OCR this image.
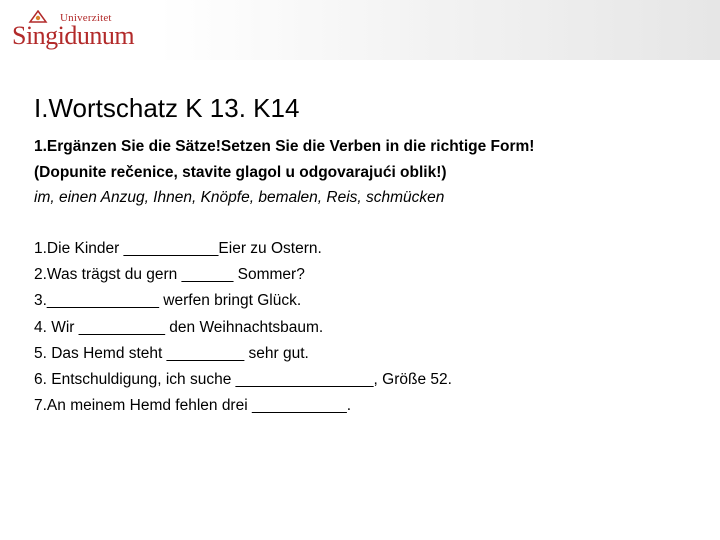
Univerzitet
Singidunum
I.Wortschatz K 13. K14
1.Ergänzen Sie die Sätze!Setzen Sie die Verben in die richtige Form!
(Dopunite rečenice, stavite glagol u odgovarajući oblik!)
im, einen Anzug, Ihnen, Knöpfe, bemalen, Reis, schmücken
1.Die Kinder ___________Eier zu Ostern.
2.Was trägst du gern ______ Sommer?
3._____________ werfen bringt Glück.
4. Wir __________ den Weihnachtsbaum.
5. Das Hemd steht _________ sehr gut.
6. Entschuldigung, ich suche ________________, Größe 52.
7.An meinem Hemd fehlen drei ___________.
